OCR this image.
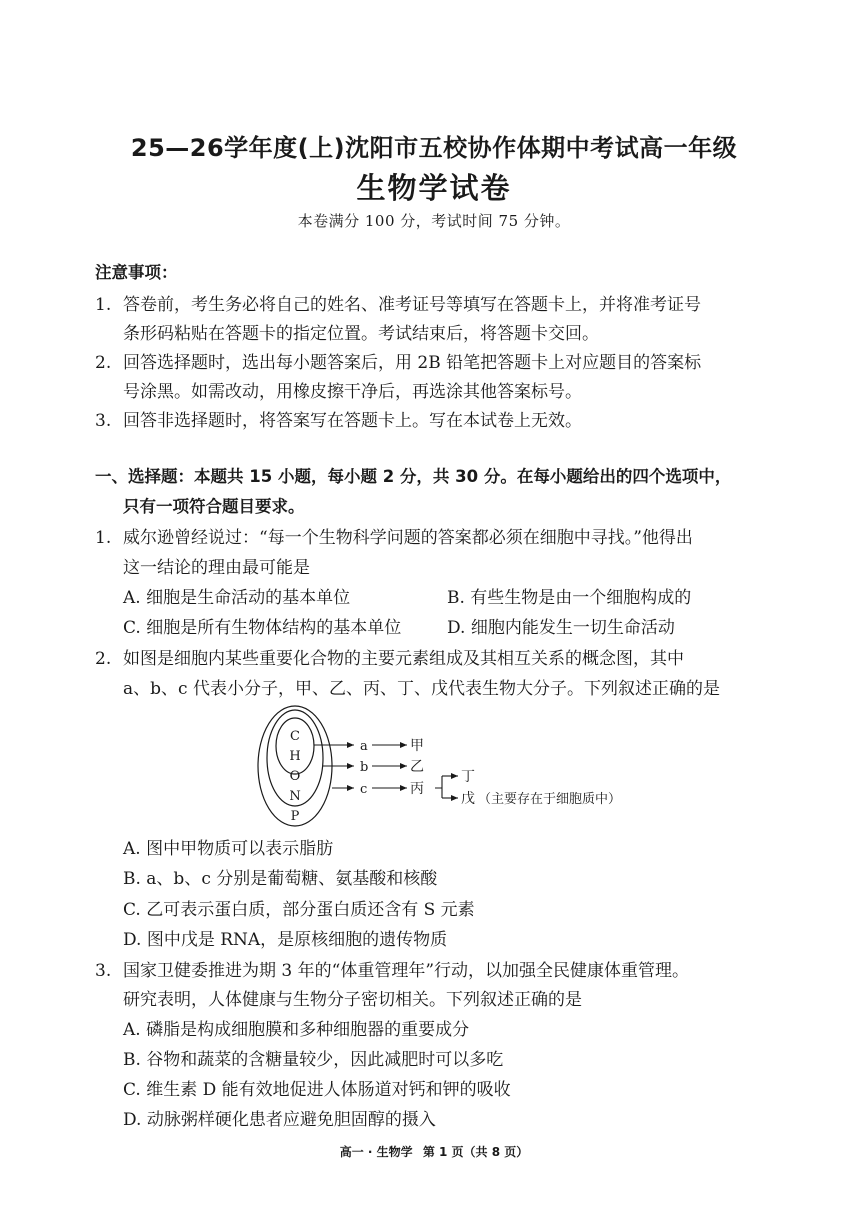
25—26学年度(上)沈阳市五校协作体期中考试高一年级
生物学试卷
本卷满分 100 分，考试时间 75 分钟。
注意事项：
1. 答卷前，考生务必将自己的姓名、准考证号等填写在答题卡上，并将准考证号
条形码粘贴在答题卡的指定位置。考试结束后，将答题卡交回。
2. 回答选择题时，选出每小题答案后，用 2B 铅笔把答题卡上对应题目的答案标
号涂黑。如需改动，用橡皮擦干净后，再选涂其他答案标号。
3. 回答非选择题时，将答案写在答题卡上。写在本试卷上无效。
一、选择题：本题共 15 小题，每小题 2 分，共 30 分。在每小题给出的四个选项中，
只有一项符合题目要求。
1. 威尔逊曾经说过：“每一个生物科学问题的答案都必须在细胞中寻找。”他得出
这一结论的理由最可能是
A. 细胞是生命活动的基本单位	B. 有些生物是由一个细胞构成的
C. 细胞是所有生物体结构的基本单位	D. 细胞内能发生一切生命活动
2. 如图是细胞内某些重要化合物的主要元素组成及其相互关系的概念图，其中
a、b、c 代表小分子，甲、乙、丙、丁、戊代表生物大分子。下列叙述正确的是
C
H
O
N
P
a
b
c
甲
乙
丙
丁
戊 （主要存在于细胞质中）
A. 图中甲物质可以表示脂肪
B. a、b、c 分别是葡萄糖、氨基酸和核酸
C. 乙可表示蛋白质，部分蛋白质还含有 S 元素
D. 图中戊是 RNA，是原核细胞的遗传物质
3. 国家卫健委推进为期 3 年的“体重管理年”行动，以加强全民健康体重管理。
研究表明，人体健康与生物分子密切相关。下列叙述正确的是
A. 磷脂是构成细胞膜和多种细胞器的重要成分
B. 谷物和蔬菜的含糖量较少，因此减肥时可以多吃
C. 维生素 D 能有效地促进人体肠道对钙和钾的吸收
D. 动脉粥样硬化患者应避免胆固醇的摄入
高一 · 生物学 第 1 页（共 8 页）
